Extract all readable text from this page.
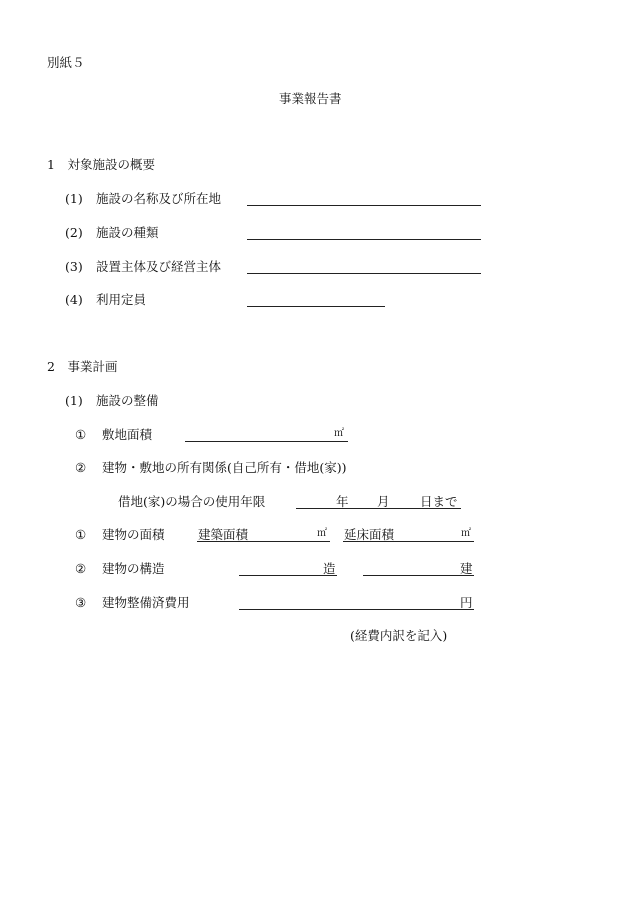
別紙５
事業報告書
1　対象施設の概要
(1) 施設の名称及び所在地
(2) 施設の種類
(3) 設置主体及び経営主体
(4) 利用定員
2　事業計画
(1) 施設の整備
① 敷地面積	㎡
② 建物・敷地の所有関係(自己所有・借地(家))
借地(家)の場合の使用年限	年 月 日まで
① 建物の面積	建築面積	㎡ 延床面積	㎡
② 建物の構造	造	建
③ 建物整備済費用	円
(経費内訳を記入)
